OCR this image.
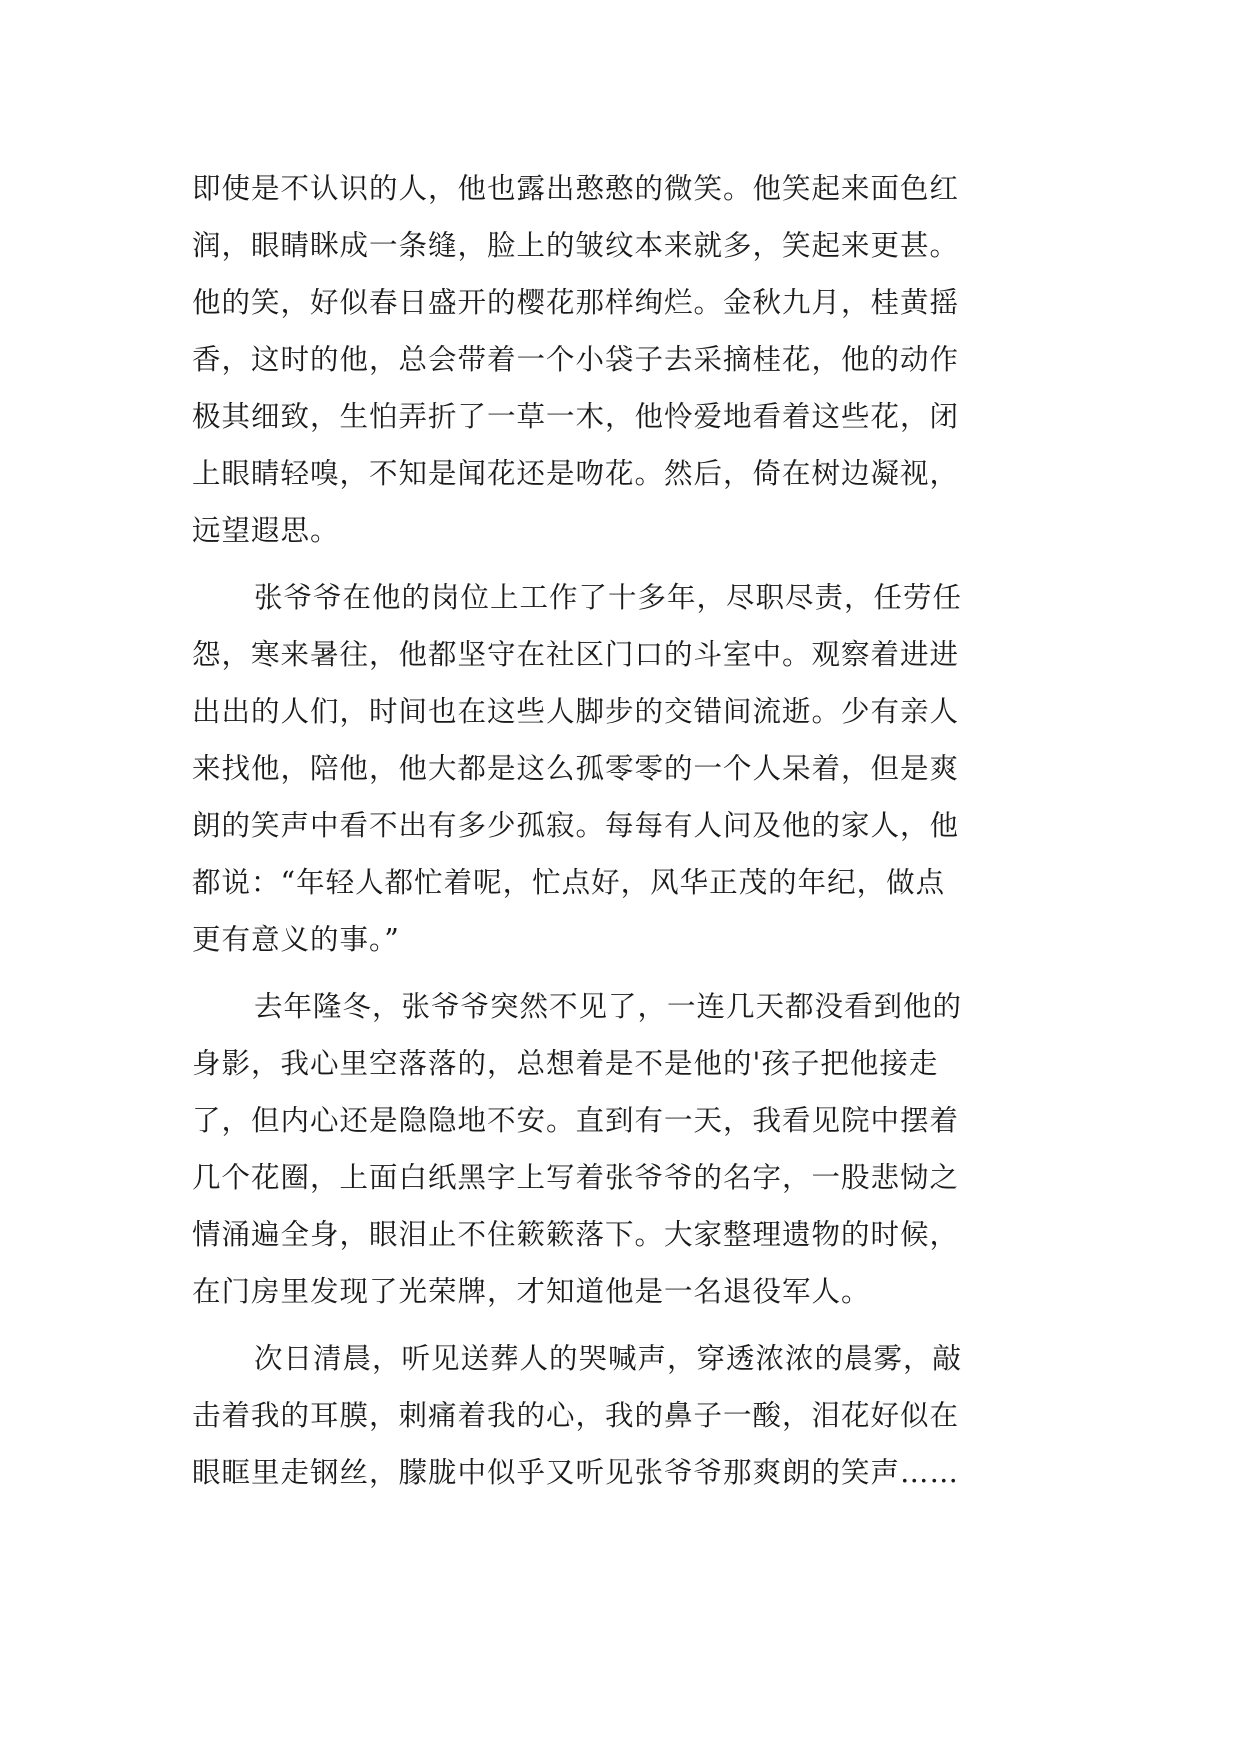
即使是不认识的人，他也露出憨憨的微笑。他笑起来面色红
润，眼睛眯成一条缝，脸上的皱纹本来就多，笑起来更甚。
他的笑，好似春日盛开的樱花那样绚烂。金秋九月，桂黄摇
香，这时的他，总会带着一个小袋子去采摘桂花，他的动作
极其细致，生怕弄折了一草一木，他怜爱地看着这些花，闭
上眼睛轻嗅，不知是闻花还是吻花。然后，倚在树边凝视，
远望遐思。
张爷爷在他的岗位上工作了十多年，尽职尽责，任劳任
怨，寒来暑往，他都坚守在社区门口的斗室中。观察着进进
出出的人们，时间也在这些人脚步的交错间流逝。少有亲人
来找他，陪他，他大都是这么孤零零的一个人呆着，但是爽
朗的笑声中看不出有多少孤寂。每每有人问及他的家人，他
都说：“年轻人都忙着呢，忙点好，风华正茂的年纪，做点
更有意义的事。”
去年隆冬，张爷爷突然不见了，一连几天都没看到他的
身影，我心里空落落的，总想着是不是他的'孩子把他接走
了，但内心还是隐隐地不安。直到有一天，我看见院中摆着
几个花圈，上面白纸黑字上写着张爷爷的名字，一股悲恸之
情涌遍全身，眼泪止不住簌簌落下。大家整理遗物的时候，
在门房里发现了光荣牌，才知道他是一名退役军人。
次日清晨，听见送葬人的哭喊声，穿透浓浓的晨雾，敲
击着我的耳膜，刺痛着我的心，我的鼻子一酸，泪花好似在
眼眶里走钢丝，朦胧中似乎又听见张爷爷那爽朗的笑声……
